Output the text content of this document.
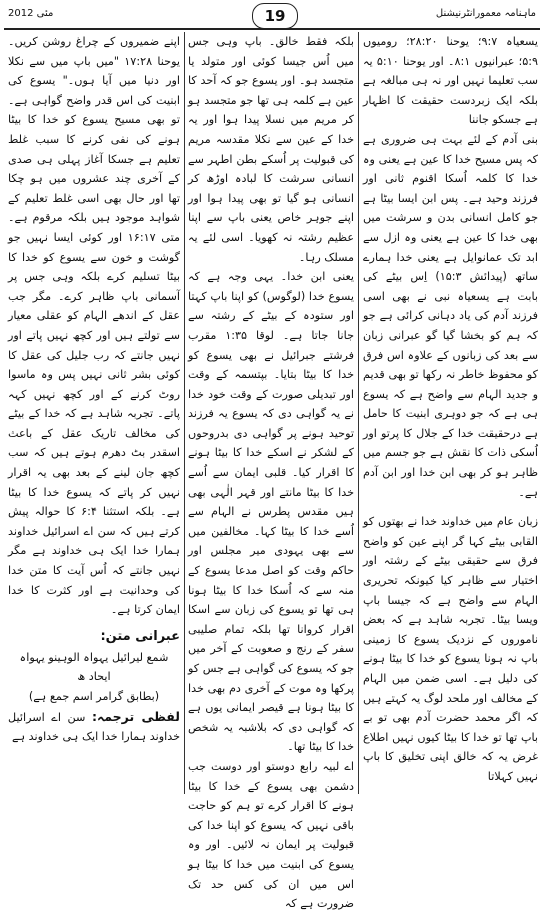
مئی 2012	19	ماہنامہ معمورانٹرنیشنل

یسعیاہ ۹:۷؛ یوحنا ۲۸:۲۰؛ رومیوں ۵:۹؛ عبرانیوں ۸:۱۔ اور یوحنا ۵:۱۰ یہ سب تعلیما نہیں اور نہ ہی مبالغہ ہے بلکہ ایک زبردست حقیقت کا اظہار ہے جسکو جاننا

بنی آدم کے لئے بہت ہی ضروری ہے کہ پس مسیح خدا کا عین ہے یعنی وہ خدا کا کلمہ اُسکا اقنوم ثانی اور فرزند وحید ہے۔ پس ابن ایسا بیٹا ہے جو کامل انسانی بدن و سرشت میں بھی خدا کا عین ہے یعنی وہ ازل سے ابد تک عمانوایل ہے یعنی خدا ہمارے ساتھ (پیدائش ۱۵:۳) اِس بیٹے کی بابت ہے یسعیاہ نبی نے بھی اسی فرزند آدم کی یاد دہانی کرائی ہے جو کہ ہم کو بخشا گیا گو عبرانی زبان سے بعد کی زبانوں کے علاوہ اس فرق کو محفوظ خاطر نہ رکھا تو بھی قدیم و جدید الہام سے واضح ہے کہ یسوع ہی ہے کہ جو دوہری ابنیت کا حامل ہے درحقیقت خدا کے جلال کا پرتو اور اُسکی ذات کا نقش ہے جو جسم میں ظاہر ہو کر بھی ابن خدا اور ابن آدم ہے۔

زبان عام میں خداوند خدا نے بھتوں کو القابی بیٹے کہا گر اپنے عین کو واضح فرق سے حقیقی بیٹے کے رشتہ اور اختیار سے ظاہر کیا کیونکہ تحریری الہام سے واضح ہے کہ جیسا باپ ویسا بیٹا۔ تجربہ شاہد ہے کہ بعض ناموروں کے نزدیک یسوع کا زمینی باپ نہ ہونا یسوع کو خدا کا بیٹا ہونے کی دلیل ہے۔ اسی ضمن میں الہام کے مخالف اور ملحد لوگ یہ کہتے ہیں کہ اگر محمد حضرت آدم بھی تو بے باپ تھا تو خدا کا بیٹا کیوں نہیں اطلاع غرض یہ کہ خالق اپنی تخلیق کا باپ نہیں کہلاتا

بلکہ فقط خالق۔ باپ وہی جس میں اُس جیسا کوئی اور متولد یا متجسد ہو۔ اور یسوع جو کہ آحد کا عین ہے کلمہ ہی تھا جو متجسد ہو کر مریم میں نسلا پیدا ہوا اور یہ خدا کے عین سے نکلا مقدسہ مریم کی قبولیت پر اُسکے بطن اطہر سے انسانی سرشت کا لبادہ اوڑھ کر انسانی ہو گیا تو بھی پیدا ہوا اور اپنے جوہر خاص یعنی باپ سے اپنا عظیم رشتہ نہ کھویا۔ اسی لئے یہ مسلک رہا۔

یعنی ابن خدا۔ یہی وجہ ہے کہ یسوع خدا (لوگوس) کو اپنا باپ کہتا اور ستودہ کے بیٹے کے رشتہ سے جانا جاتا ہے۔ لوقا ۱:۳۵ مقرب فرشتے جبرائیل نے بھی یسوع کو خدا کا بیٹا بتایا۔ بپتسمہ کے وقت اور تبدیلی صورت کے وقت خود خدا نے یہ گواہی دی کہ یسوع یہ فرزند توحید ہونے پر گواہی دی بدروحوں کے لشکر نے اسکے خدا کا بیٹا ہونے کا اقرار کیا۔ قلبی ایمان سے اُسے خدا کا بیٹا مانتے اور قہر الٰہی بھی ہیں مقدس پطرس نے الہام سے اُسے خدا کا بیٹا کہا۔ مخالفین میں سے بھی یہودی میر مجلس اور حاکم وقت کو اصل مدعا یسوع کے منہ سے کہ اُسکا خدا کا بیٹا ہونا ہی تھا تو یسوع کی زبان سے اسکا اقرار کروانا تھا بلکہ تمام صلیبی سفر کے رنج و صعوبت کے آخر میں جو کہ یسوع کی گواہی ہے جس کو پرکھا وہ موت کے آخری دم بھی خدا کا بیٹا ہونا ہے قیصر ایمانی یوں ہے کہ گواہی دی کہ بلاشبہ یہ شخص خدا کا بیٹا تھا۔

اے لبیہ رابع دوستو اور دوست جب دشمن بھی یسوع کے خدا کا بیٹا ہونے کا اقرار کرے تو ہم کو حاجت باقی نہیں کہ یسوع کو اپنا خدا کی قبولیت پر ایمان نہ لائیں۔ اور وہ یسوع کی ابنیت میں خدا کا بیٹا ہو اس میں ان کی کس حد تک ضرورت ہے کہ

اپنے ضمیروں کے چراغ روشن کریں۔ یوحنا ۱۷:۲۸ "میں باپ میں سے نکلا اور دنیا میں آیا ہوں۔" یسوع کی ابنیت کی اس قدر واضح گواہی ہے۔ تو بھی مسیح یسوع کو خدا کا بیٹا ہونے کی نفی کرنے کا سبب غلط تعلیم ہے جسکا آغاز پہلی ہی صدی کے آخری چند عشروں میں ہو چکا تھا اور حال بھی اسی غلط تعلیم کے شواہد موجود ہیں بلکہ مرقوم ہے۔ متی ۱۶:۱۷ اور کوئی ایسا نہیں جو گوشت و خون سے یسوع کو خدا کا بیٹا تسلیم کرے بلکہ وہی جس پر آسمانی باپ ظاہر کرے۔ مگر جب عقل کے اندھے الہام کو عقلی معیار سے تولتے ہیں اور کچھ نہیں پاتے اور نہیں جانتے کہ رب جلیل کی عقل کا کوئی بشر ثانی نہیں پس وہ ماسوا روٹ کرنے کے اور کچھ نہیں کہہ پاتے۔ تجربہ شاہد ہے کہ خدا کے بیٹے کی مخالف تاریک عقل کے باعث اسقدر بٹ دھرم ہوتے ہیں کہ سب کچھ جان لینے کے بعد بھی یہ اقرار نہیں کر پاتے کہ یسوع خدا کا بیٹا ہے۔ بلکہ استثنا ۶:۴ کا حوالہ پیش کرتے ہیں کہ سن اے اسرائیل خداوند ہمارا خدا ایک ہی خداوند ہے مگر نہیں جانتے کہ اُس آیت کا متن خدا کی وحدانیت ہے اور کثرت کا خدا ایمان کرتا ہے۔

عبرانی متن:

شمع لیرائیل یہواہ الوہینو یہواہ ایحاد ھ

(بطابق گرامر اسم جمع ہے)

لفظی ترجمہ: سن اے اسرائیل خداوند ہمارا خدا ایک ہی خداوند ہے
